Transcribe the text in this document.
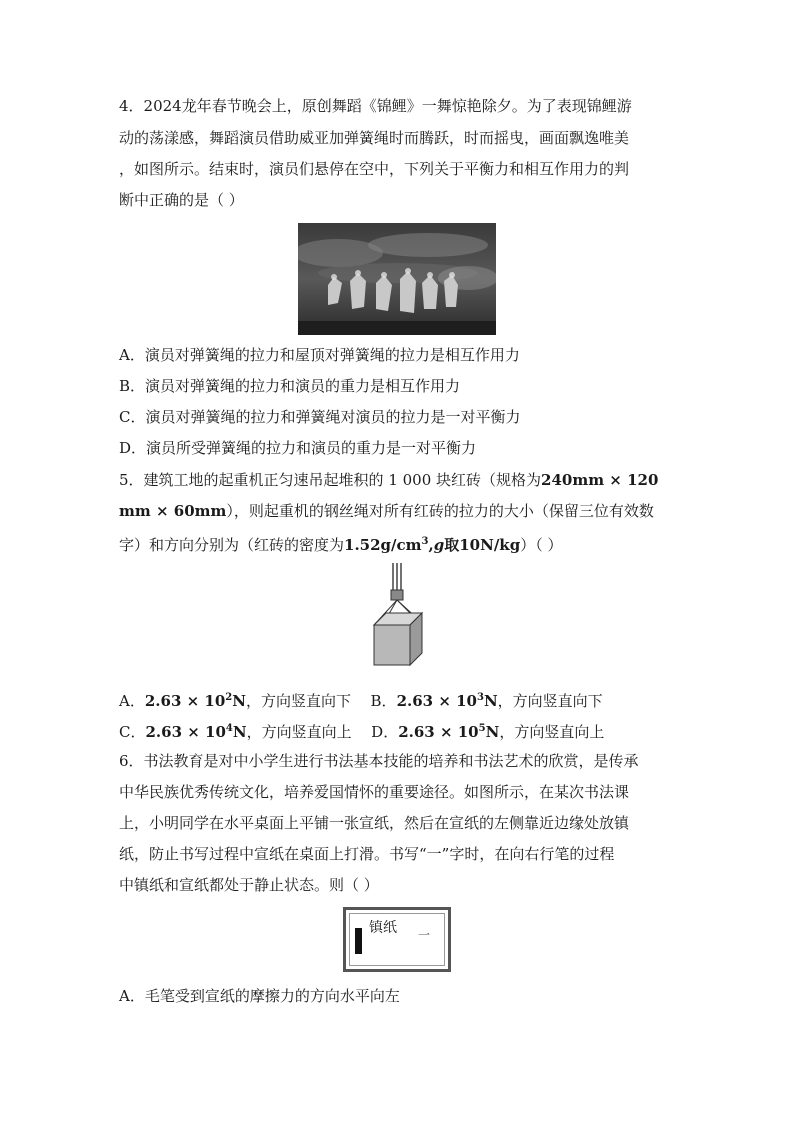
4．2024龙年春节晚会上，原创舞蹈《锦鲤》一舞惊艳除夕。为了表现锦鲤游
动的荡漾感，舞蹈演员借助威亚加弹簧绳时而腾跃，时而摇曳，画面飘逸唯美
，如图所示。结束时，演员们悬停在空中，下列关于平衡力和相互作用力的判
断中正确的是（ ）
A．演员对弹簧绳的拉力和屋顶对弹簧绳的拉力是相互作用力
B．演员对弹簧绳的拉力和演员的重力是相互作用力
C．演员对弹簧绳的拉力和弹簧绳对演员的拉力是一对平衡力
D．演员所受弹簧绳的拉力和演员的重力是一对平衡力
5．建筑工地的起重机正匀速吊起堆积的 1 000 块红砖（规格为240mm × 120
mm × 60mm），则起重机的钢丝绳对所有红砖的拉力的大小（保留三位有效数
字）和方向分别为（红砖的密度为$1.52g/cm^3,g$取10N/kg）（ ）
A．$2.63 \times 10^2N$，方向竖直向下 B．$2.63 \times 10^3N$，方向竖直向下
C．$2.63 \times 10^4N$，方向竖直向上 D．$2.63 \times 10^5N$，方向竖直向上
6．书法教育是对中小学生进行书法基本技能的培养和书法艺术的欣赏，是传承
中华民族优秀传统文化，培养爱国情怀的重要途径。如图所示，在某次书法课
上，小明同学在水平桌面上平铺一张宣纸，然后在宣纸的左侧靠近边缘处放镇
纸，防止书写过程中宣纸在桌面上打滑。书写“一”字时，在向右行笔的过程
中镇纸和宣纸都处于静止状态。则（ ）
镇纸 一
A．毛笔受到宣纸的摩擦力的方向水平向左
